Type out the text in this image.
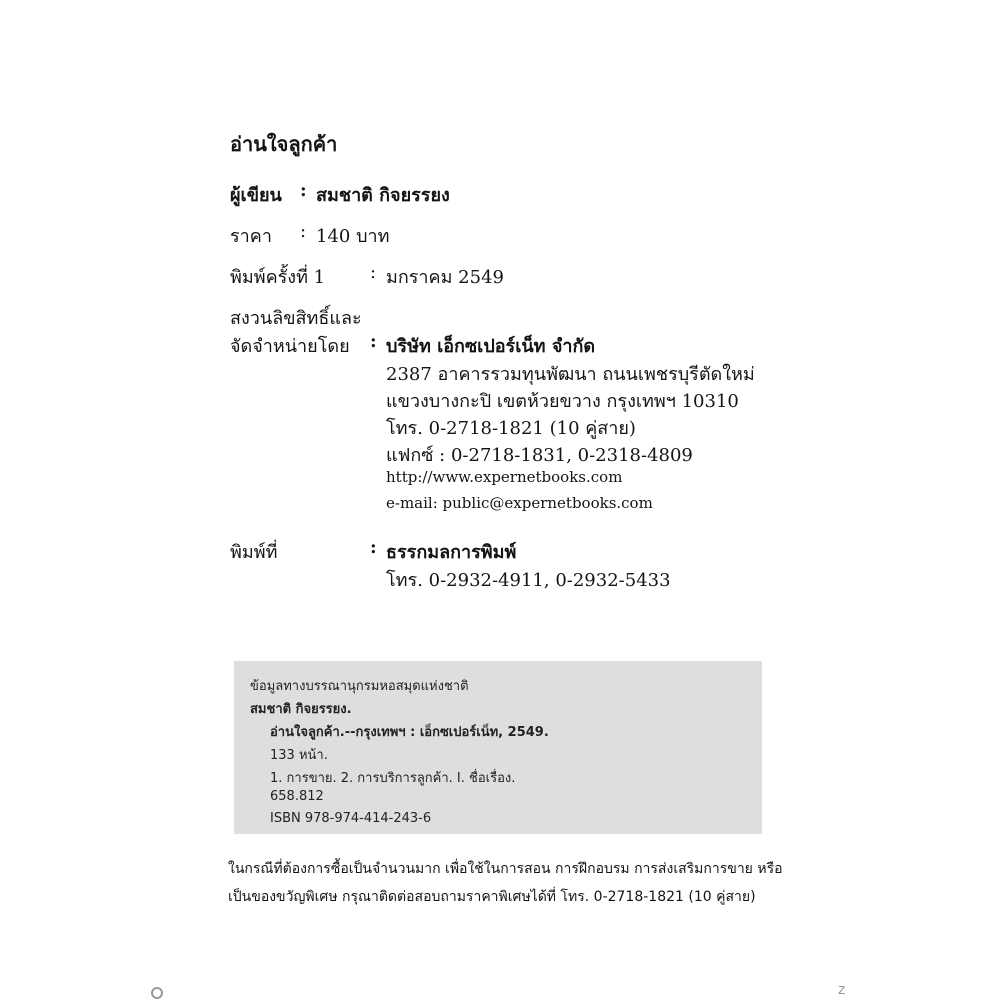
อ่านใจลูกค้า
ผู้เขียน : สมชาติ กิจยรรยง
ราคา : 140 บาท
พิมพ์ครั้งที่ 1 : มกราคม 2549
สงวนลิขสิทธิ์และ
จัดจำหน่ายโดย : บริษัท เอ็กซเปอร์เน็ท จำกัด
2387 อาคารรวมทุนพัฒนา ถนนเพชรบุรีตัดใหม่
แขวงบางกะปิ เขตห้วยขวาง กรุงเทพฯ 10310
โทร. 0-2718-1821 (10 คู่สาย)
แฟกซ์ : 0-2718-1831, 0-2318-4809
http://www.expernetbooks.com
e-mail: public@expernetbooks.com
พิมพ์ที่	: ธรรกมลการพิมพ์
โทร. 0-2932-4911, 0-2932-5433
ข้อมูลทางบรรณานุกรมหอสมุดแห่งชาติ
สมชาติ กิจยรรยง.
อ่านใจลูกค้า.--กรุงเทพฯ : เอ็กซเปอร์เน็ท, 2549.
133 หน้า.
1. การขาย. 2. การบริการลูกค้า. I. ชื่อเรื่อง.
658.812
ISBN 978-974-414-243-6
ในกรณีที่ต้องการซื้อเป็นจำนวนมาก เพื่อใช้ในการสอน การฝึกอบรม การส่งเสริมการขาย หรือ
เป็นของขวัญพิเศษ กรุณาติดต่อสอบถามราคาพิเศษได้ที่ โทร. 0-2718-1821 (10 คู่สาย)
z
